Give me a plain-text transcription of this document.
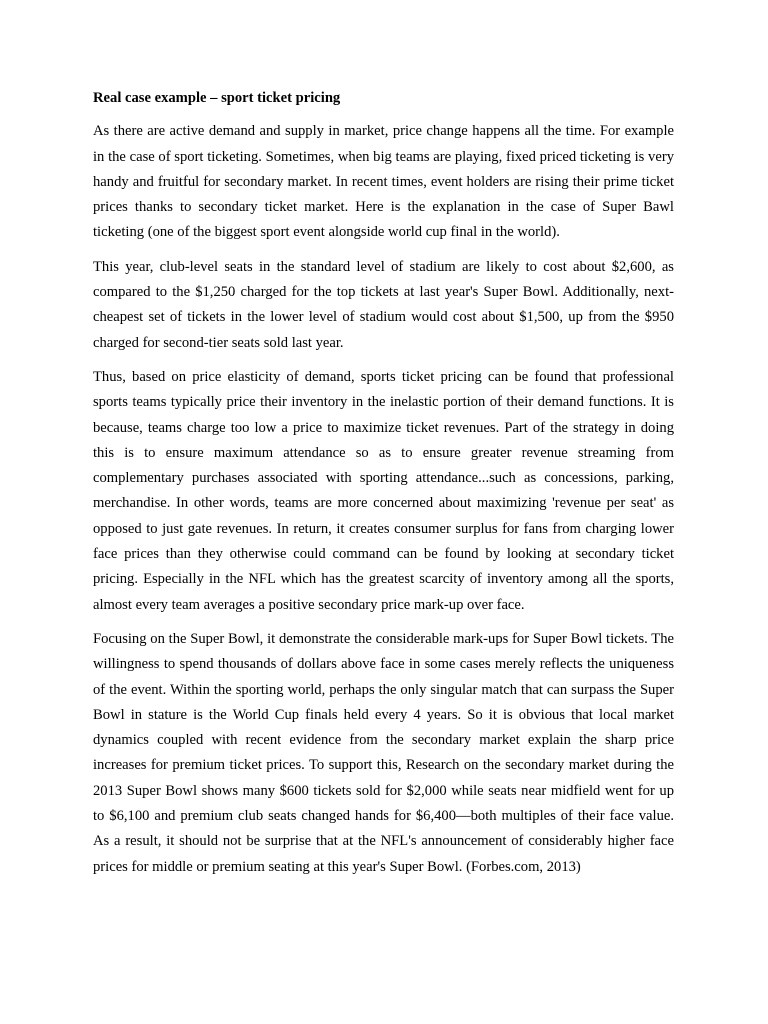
Real case example – sport ticket pricing

As there are active demand and supply in market, price change happens all the time. For example in the case of sport ticketing. Sometimes, when big teams are playing, fixed priced ticketing is very handy and fruitful for secondary market. In recent times, event holders are rising their prime ticket prices thanks to secondary ticket market. Here is the explanation in the case of Super Bawl ticketing (one of the biggest sport event alongside world cup final in the world).

This year, club-level seats in the standard level of stadium are likely to cost about $2,600, as compared to the $1,250 charged for the top tickets at last year's Super Bowl. Additionally, next-cheapest set of tickets in the lower level of stadium would cost about $1,500, up from the $950 charged for second-tier seats sold last year.

Thus, based on price elasticity of demand, sports ticket pricing can be found that professional sports teams typically price their inventory in the inelastic portion of their demand functions. It is because, teams charge too low a price to maximize ticket revenues. Part of the strategy in doing this is to ensure maximum attendance so as to ensure greater revenue streaming from complementary purchases associated with sporting attendance...such as concessions, parking, merchandise. In other words, teams are more concerned about maximizing 'revenue per seat' as opposed to just gate revenues. In return, it creates consumer surplus for fans from charging lower face prices than they otherwise could command can be found by looking at secondary ticket pricing. Especially in the NFL which has the greatest scarcity of inventory among all the sports, almost every team averages a positive secondary price mark-up over face.

Focusing on the Super Bowl, it demonstrate the considerable mark-ups for Super Bowl tickets. The willingness to spend thousands of dollars above face in some cases merely reflects the uniqueness of the event. Within the sporting world, perhaps the only singular match that can surpass the Super Bowl in stature is the World Cup finals held every 4 years. So it is obvious that local market dynamics coupled with recent evidence from the secondary market explain the sharp price increases for premium ticket prices. To support this, Research on the secondary market during the 2013 Super Bowl shows many $600 tickets sold for $2,000 while seats near midfield went for up to $6,100 and premium club seats changed hands for $6,400—both multiples of their face value. As a result, it should not be surprise that at the NFL's announcement of considerably higher face prices for middle or premium seating at this year's Super Bowl. (Forbes.com, 2013)
